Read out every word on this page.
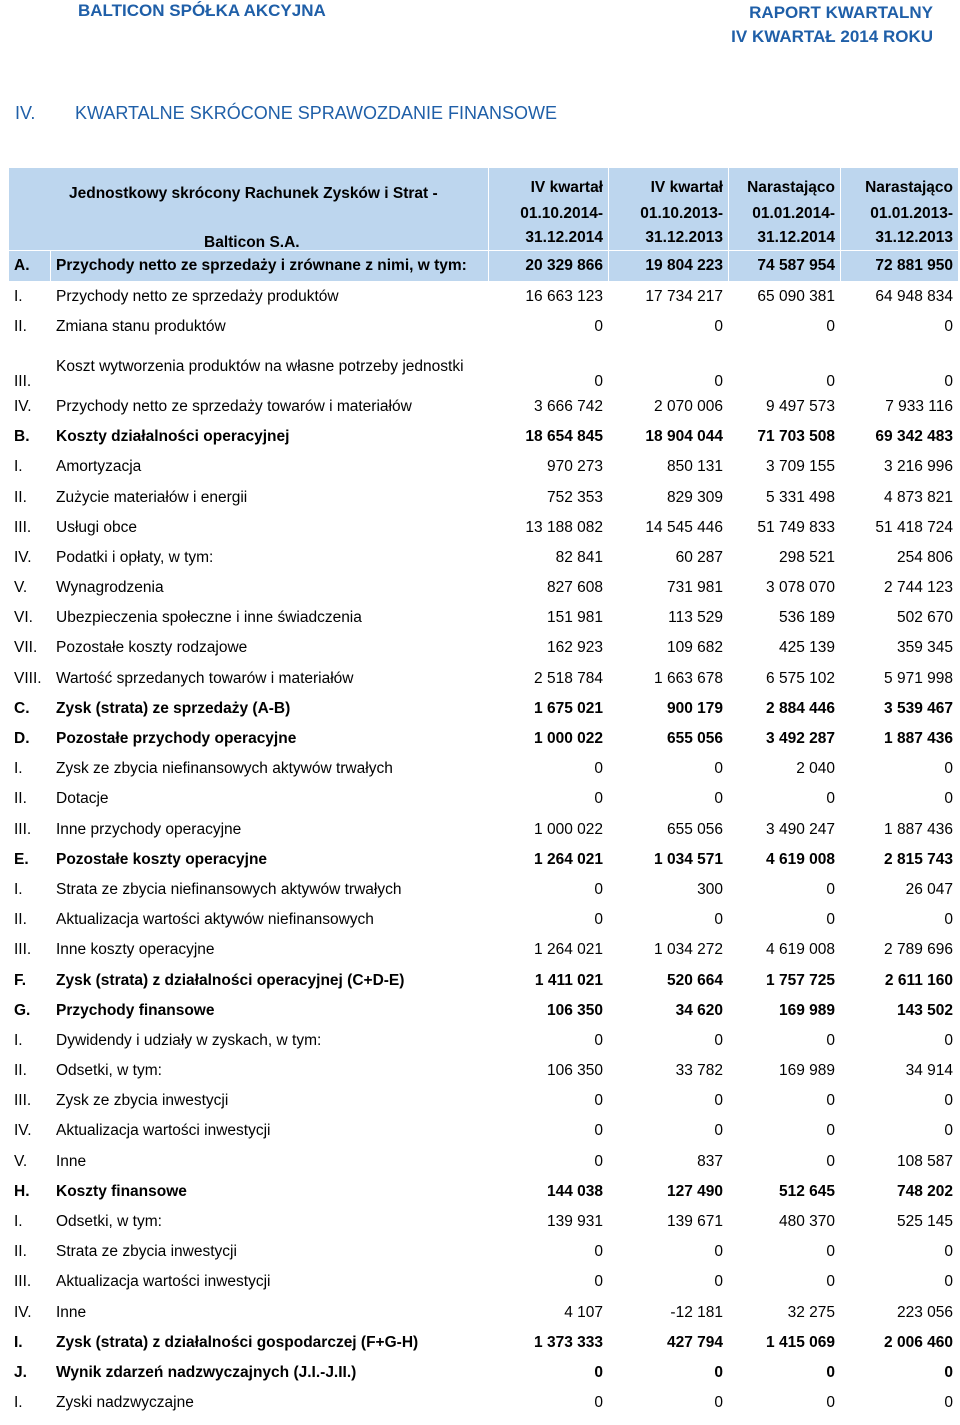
BALTICON SPÓŁKA AKCYJNA	RAPORT KWARTALNY
IV KWARTAŁ 2014 ROKU
IV. KWARTALNE SKRÓCONE SPRAWOZDANIE FINANSOWE
Jednostkowy skrócony Rachunek Zysków i Strat -
Balticon S.A.		IV kwartał
01.10.2014-
31.12.2014	IV kwartał
01.10.2013-
31.12.2013	Narastająco
01.01.2014-
31.12.2014	Narastająco
01.01.2013-
31.12.2013

A.	Przychody netto ze sprzedaży i zrównane z nimi, w tym:	20 329 866	19 804 223	74 587 954	72 881 950
I.	Przychody netto ze sprzedaży produktów	16 663 123	17 734 217	65 090 381	64 948 834
II.	Zmiana stanu produktów	0	0	0	0
III.	Koszt wytworzenia produktów na własne potrzeby jednostki	0	0	0	0
IV.	Przychody netto ze sprzedaży towarów i materiałów	3 666 742	2 070 006	9 497 573	7 933 116
B.	Koszty działalności operacyjnej	18 654 845	18 904 044	71 703 508	69 342 483
I.	Amortyzacja	970 273	850 131	3 709 155	3 216 996
II.	Zużycie materiałów i energii	752 353	829 309	5 331 498	4 873 821
III.	Usługi obce	13 188 082	14 545 446	51 749 833	51 418 724
IV.	Podatki i opłaty, w tym:	82 841	60 287	298 521	254 806
V.	Wynagrodzenia	827 608	731 981	3 078 070	2 744 123
VI.	Ubezpieczenia społeczne i inne świadczenia	151 981	113 529	536 189	502 670
VII.	Pozostałe koszty rodzajowe	162 923	109 682	425 139	359 345
VIII.	Wartość sprzedanych towarów i materiałów	2 518 784	1 663 678	6 575 102	5 971 998
C.	Zysk (strata) ze sprzedaży (A-B)	1 675 021	900 179	2 884 446	3 539 467
D.	Pozostałe przychody operacyjne	1 000 022	655 056	3 492 287	1 887 436
I.	Zysk ze zbycia niefinansowych aktywów trwałych	0	0	2 040	0
II.	Dotacje	0	0	0	0
III.	Inne przychody operacyjne	1 000 022	655 056	3 490 247	1 887 436
E.	Pozostałe koszty operacyjne	1 264 021	1 034 571	4 619 008	2 815 743
I.	Strata ze zbycia niefinansowych aktywów trwałych	0	300	0	26 047
II.	Aktualizacja wartości aktywów niefinansowych	0	0	0	0
III.	Inne koszty operacyjne	1 264 021	1 034 272	4 619 008	2 789 696
F.	Zysk (strata) z działalności operacyjnej (C+D-E)	1 411 021	520 664	1 757 725	2 611 160
G.	Przychody finansowe	106 350	34 620	169 989	143 502
I.	Dywidendy i udziały w zyskach, w tym:	0	0	0	0
II.	Odsetki, w tym:	106 350	33 782	169 989	34 914
III.	Zysk ze zbycia inwestycji	0	0	0	0
IV.	Aktualizacja wartości inwestycji	0	0	0	0
V.	Inne	0	837	0	108 587
H.	Koszty finansowe	144 038	127 490	512 645	748 202
I.	Odsetki, w tym:	139 931	139 671	480 370	525 145
II.	Strata ze zbycia inwestycji	0	0	0	0
III.	Aktualizacja wartości inwestycji	0	0	0	0
IV.	Inne	4 107	-12 181	32 275	223 056
I.	Zysk (strata) z działalności gospodarczej (F+G-H)	1 373 333	427 794	1 415 069	2 006 460
J.	Wynik zdarzeń nadzwyczajnych (J.I.-J.II.)	0	0	0	0
I.	Zyski nadzwyczajne	0	0	0	0
